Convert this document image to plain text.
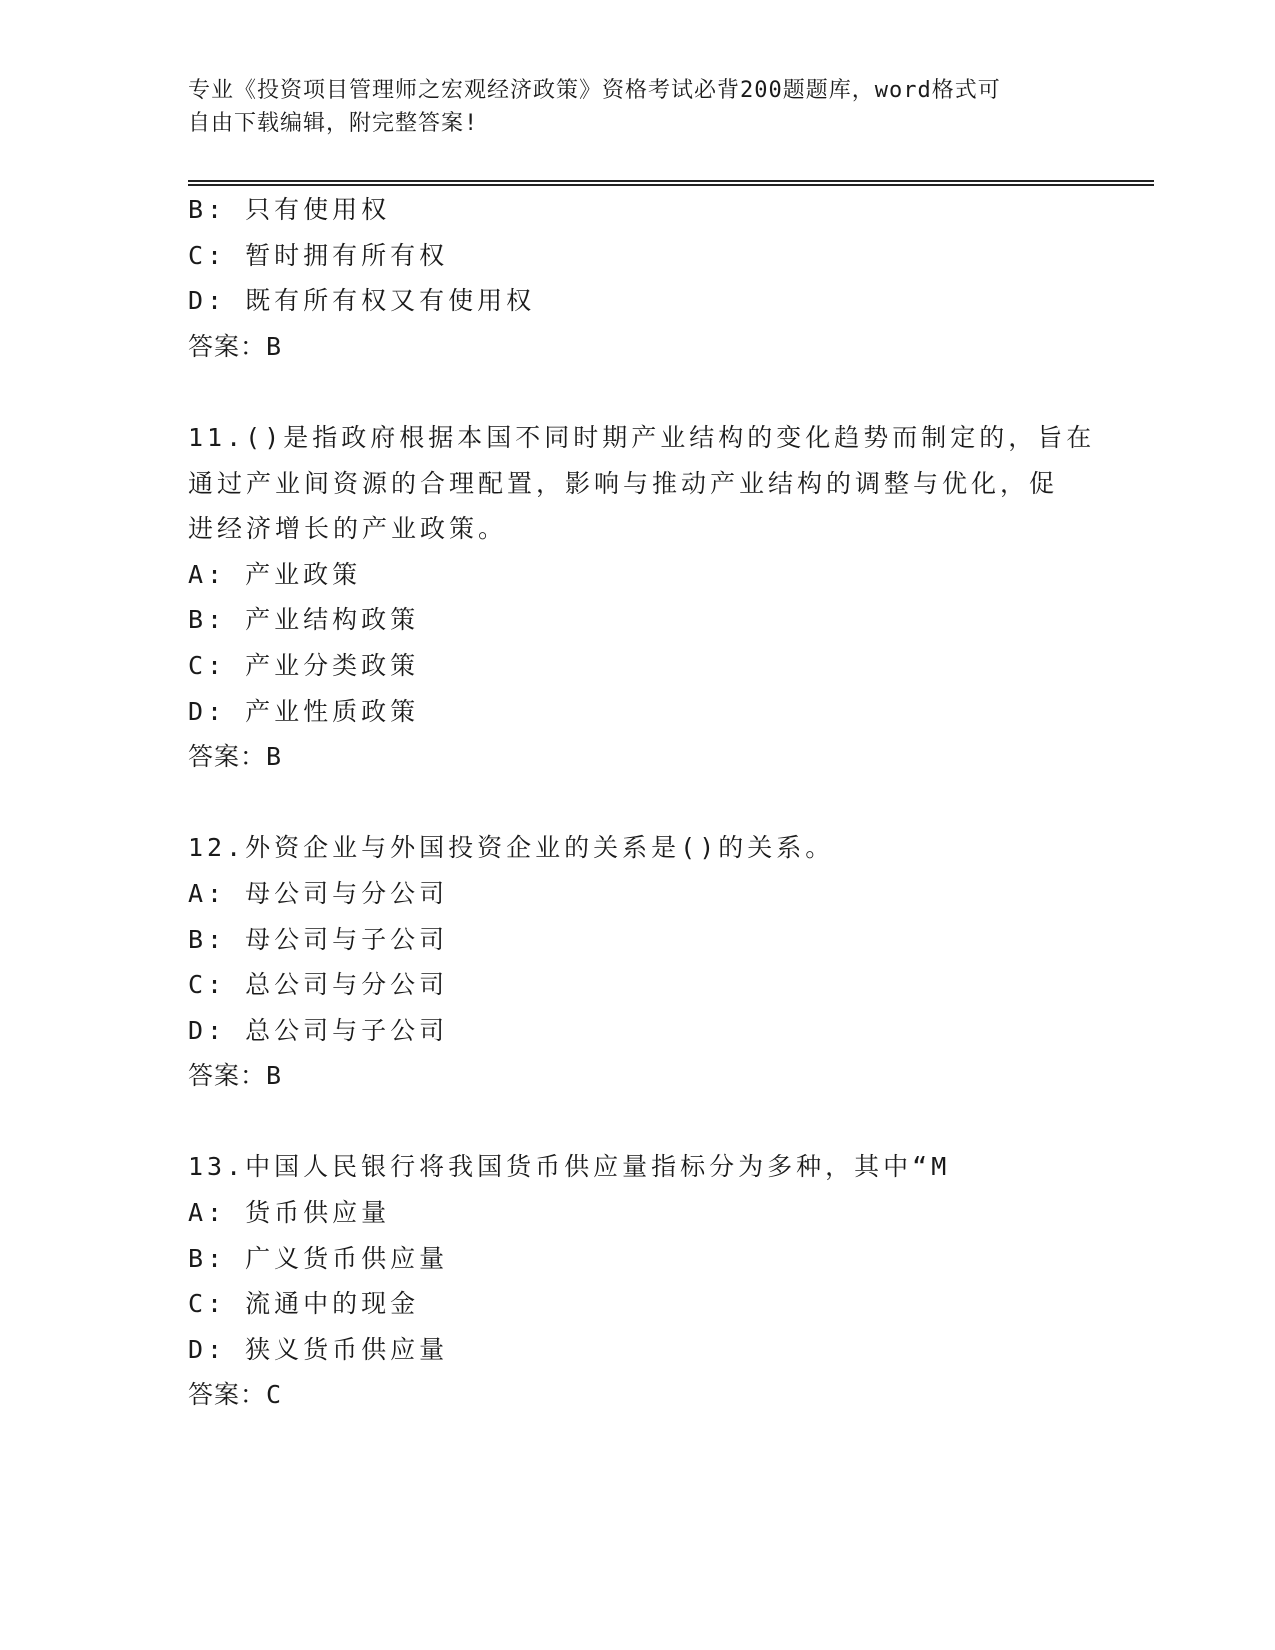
专业《投资项目管理师之宏观经济政策》资格考试必背200题题库，word格式可
自由下载编辑，附完整答案!
B: 只有使用权
C: 暂时拥有所有权
D: 既有所有权又有使用权
答案：B
11.()是指政府根据本国不同时期产业结构的变化趋势而制定的，旨在
通过产业间资源的合理配置，影响与推动产业结构的调整与优化，促
进经济增长的产业政策。
A: 产业政策
B: 产业结构政策
C: 产业分类政策
D: 产业性质政策
答案：B
12.外资企业与外国投资企业的关系是()的关系。
A: 母公司与分公司
B: 母公司与子公司
C: 总公司与分公司
D: 总公司与子公司
答案：B
13.中国人民银行将我国货币供应量指标分为多种，其中“M
A: 货币供应量
B: 广义货币供应量
C: 流通中的现金
D: 狭义货币供应量
答案：C
